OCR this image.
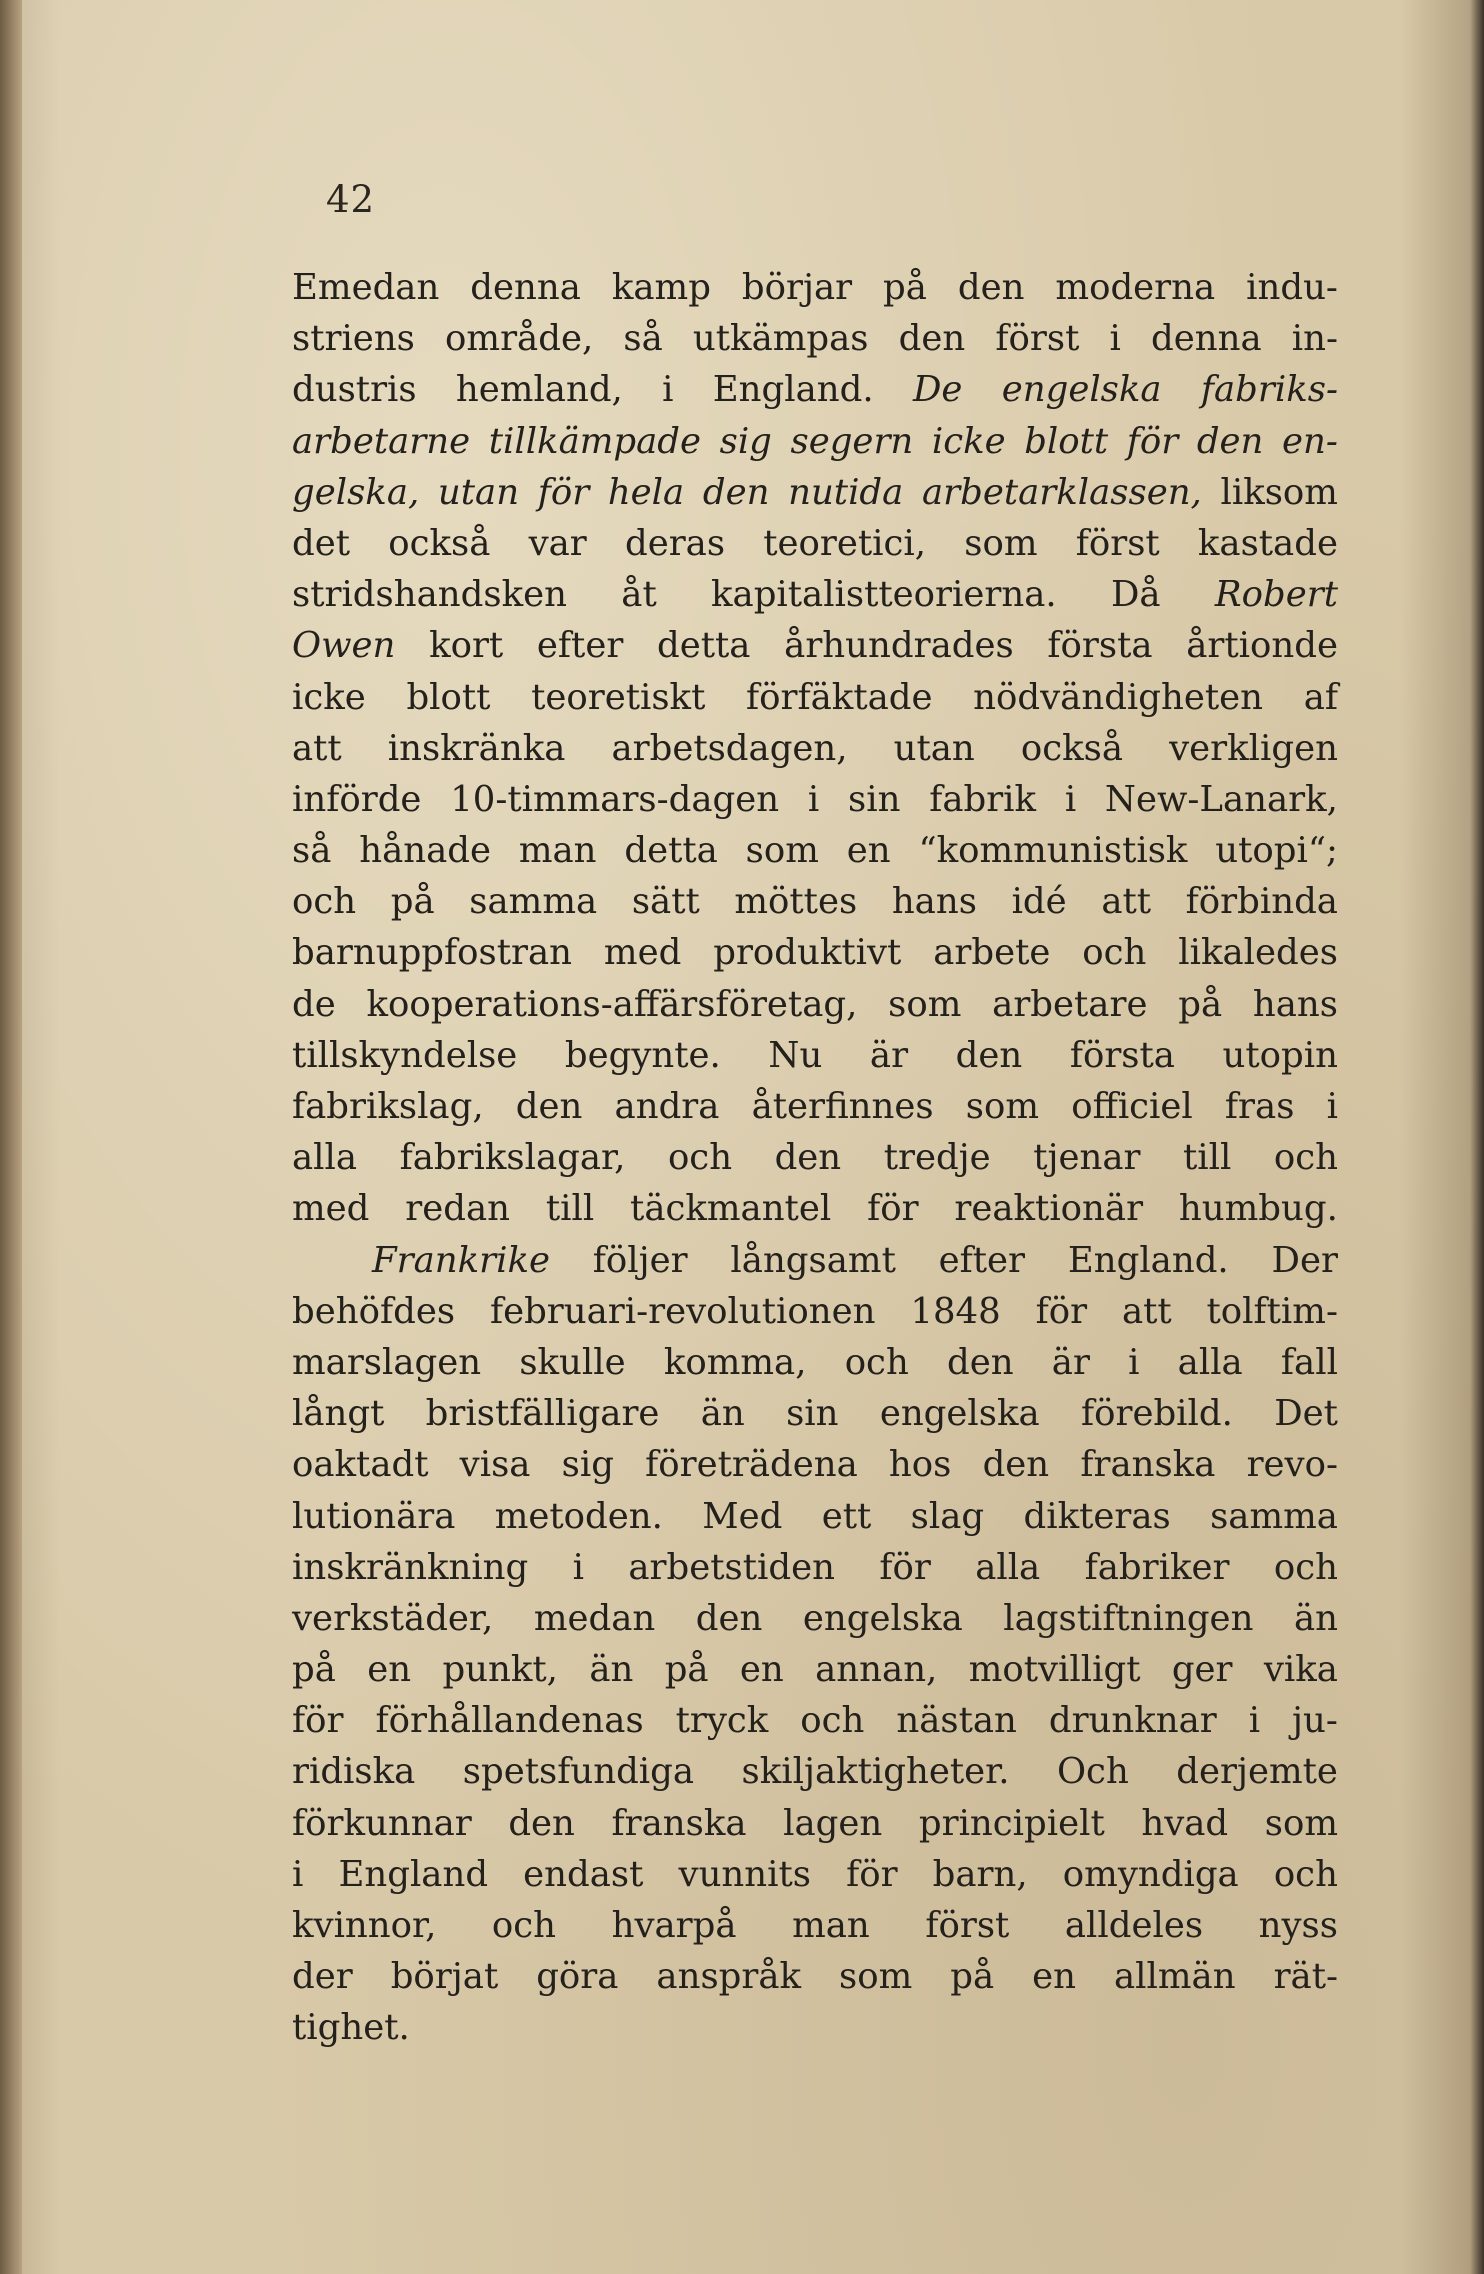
42
Emedan denna kamp börjar på den moderna indu-
striens område, så utkämpas den först i denna in-
dustris hemland, i England. De engelska fabriks-
arbetarne tillkämpade sig segern icke blott för den en-
gelska, utan för hela den nutida arbetarklassen, liksom
det också var deras teoretici, som först kastade
stridshandsken åt kapitalistteorierna. Då Robert
Owen kort efter detta århundrades första årtionde
icke blott teoretiskt förfäktade nödvändigheten af
att inskränka arbetsdagen, utan också verkligen
införde 10-timmars-dagen i sin fabrik i New-Lanark,
så hånade man detta som en “kommunistisk utopi“;
och på samma sätt möttes hans idé att förbinda
barnuppfostran med produktivt arbete och likaledes
de kooperations-affärsföretag, som arbetare på hans
tillskyndelse begynte. Nu är den första utopin
fabrikslag, den andra återfinnes som officiel fras i
alla fabrikslagar, och den tredje tjenar till och
med redan till täckmantel för reaktionär humbug.
Frankrike följer långsamt efter England. Der
behöfdes februari-revolutionen 1848 för att tolftim-
marslagen skulle komma, och den är i alla fall
långt bristfälligare än sin engelska förebild. Det
oaktadt visa sig företrädena hos den franska revo-
lutionära metoden. Med ett slag dikteras samma
inskränkning i arbetstiden för alla fabriker och
verkstäder, medan den engelska lagstiftningen än
på en punkt, än på en annan, motvilligt ger vika
för förhållandenas tryck och nästan drunknar i ju-
ridiska spetsfundiga skiljaktigheter. Och derjemte
förkunnar den franska lagen principielt hvad som
i England endast vunnits för barn, omyndiga och
kvinnor, och hvarpå man först alldeles nyss
der börjat göra anspråk som på en allmän rät-
tighet.
